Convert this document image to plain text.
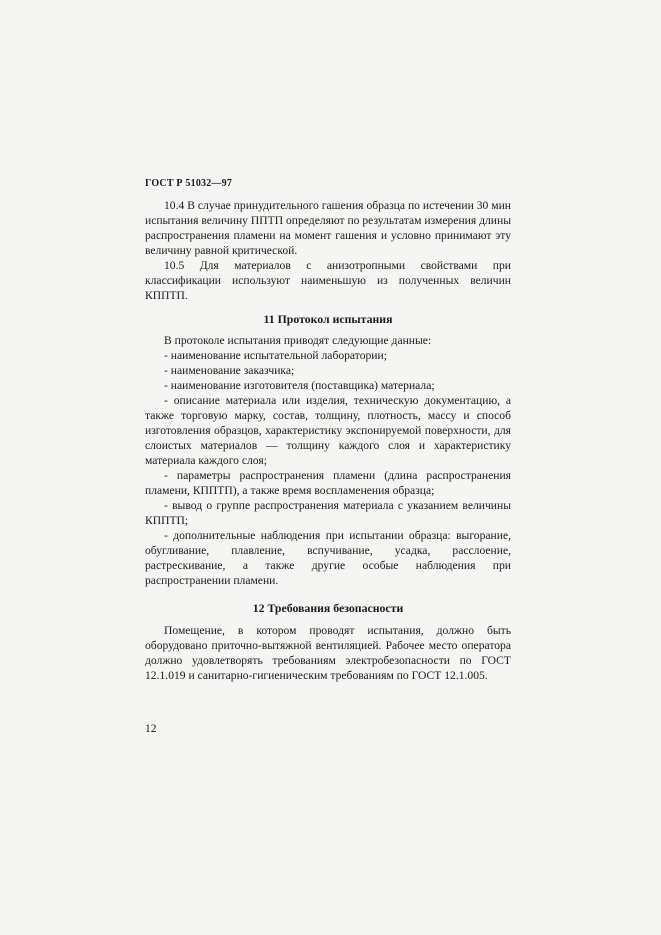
ГОСТ Р 51032—97

10.4 В случае принудительного гашения образца по истечении 30 мин испытания величину ППТП определяют по результатам измерения длины распространения пламени на момент гашения и условно принимают эту величину равной критической.

10.5 Для материалов с анизотропными свойствами при классификации используют наименьшую из полученных величин КППТП.

11 Протокол испытания

В протоколе испытания приводят следующие данные:

- наименование испытательной лаборатории;

- наименование заказчика;

- наименование изготовителя (поставщика) материала;

- описание материала или изделия, техническую документацию, а также торговую марку, состав, толщину, плотность, массу и способ изготовления образцов, характеристику экспонируемой поверхности, для слоистых материалов — толщину каждого слоя и характеристику материала каждого слоя;

- параметры распространения пламени (длина распространения пламени, КППТП), а также время воспламенения образца;

- вывод о группе распространения материала с указанием величины КППТП;

- дополнительные наблюдения при испытании образца: выгорание, обугливание, плавление, вспучивание, усадка, расслоение, растрескивание, а также другие особые наблюдения при распространении пламени.

12 Требования безопасности

Помещение, в котором проводят испытания, должно быть оборудовано приточно-вытяжной вентиляцией. Рабочее место оператора должно удовлетворять требованиям электробезопасности по ГОСТ 12.1.019 и санитарно-гигиеническим требованиям по ГОСТ 12.1.005.

12
